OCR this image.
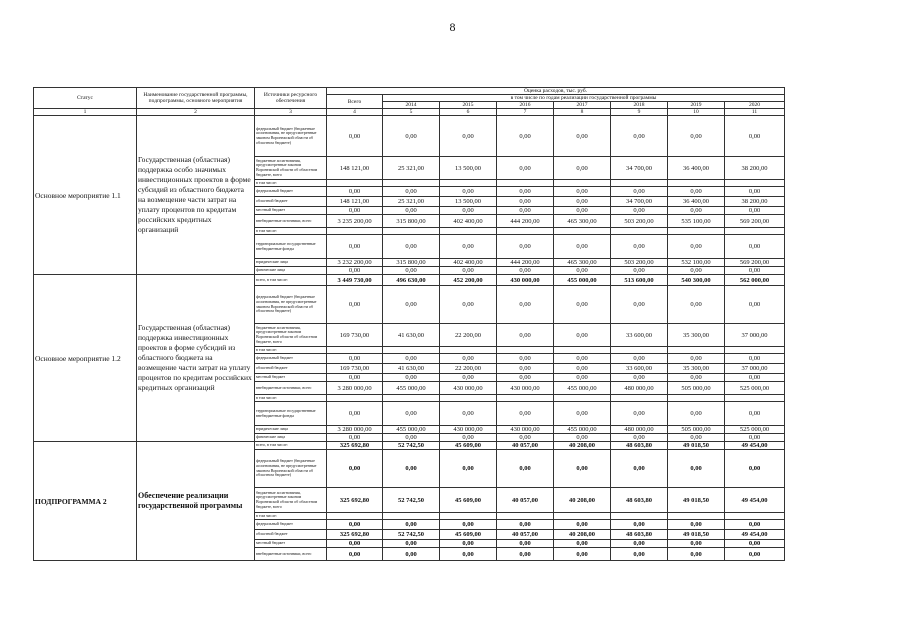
8
Статус	Наименование государственной программы, подпрограммы, основного мероприятия	Источники ресурсного обеспечения	Оценка расходов, тыс. руб.							
			Всего	в том числе по годам реализации государственной программы						
				2014	2015	2016	2017	2018	2019	2020
1	2	3	4	5	6	7	8	9	10	11
Основное мероприятие 1.1	Государственная (областная) поддержка особо значимых инвестиционных проектов в форме субсидий из областного бюджета на возмещение части затрат на уплату процентов по кредитам российских кредитных организаций	федеральный бюджет (бюджетные ассигнования, не предусмотренные законом Воронежской области об областном бюджете)	0,00	0,00	0,00	0,00	0,00	0,00	0,00	0,00
		бюджетные ассигнования, предусмотренные законом Воронежской области об областном бюджете, всего	148 121,00	25 321,00	13 500,00	0,00	0,00	34 700,00	36 400,00	38 200,00
		в том числе:								
		федеральный бюджет	0,00	0,00	0,00	0,00	0,00	0,00	0,00	0,00
		областной бюджет	148 121,00	25 321,00	13 500,00	0,00	0,00	34 700,00	36 400,00	38 200,00
		местный бюджет	0,00	0,00	0,00	0,00	0,00	0,00	0,00	0,00
		внебюджетные источники, всего	3 235 200,00	315 800,00	402 400,00	444 200,00	465 300,00	503 200,00	535 100,00	569 200,00
		в том числе:								
		территориальные государственные внебюджетные фонды	0,00	0,00	0,00	0,00	0,00	0,00	0,00	0,00
		юридические лица	3 232 200,00	315 800,00	402 400,00	444 200,00	465 300,00	503 200,00	532 100,00	569 200,00
		физические лица	0,00	0,00	0,00	0,00	0,00	0,00	0,00	0,00
Основное мероприятие 1.2	Государственная (областная) поддержка инвестиционных проектов в форме субсидий из областного бюджета на возмещение части затрат на уплату процентов по кредитам российских кредитных организаций	всего, в том числе:	3 449 730,00	496 630,00	452 200,00	430 000,00	455 000,00	513 600,00	540 300,00	562 000,00
		федеральный бюджет (бюджетные ассигнования, не предусмотренные законом Воронежской области об областном бюджете)	0,00	0,00	0,00	0,00	0,00	0,00	0,00	0,00
		бюджетные ассигнования, предусмотренные законом Воронежской области об областном бюджете, всего	169 730,00	41 630,00	22 200,00	0,00	0,00	33 600,00	35 300,00	37 000,00
		в том числе:								
		федеральный бюджет	0,00	0,00	0,00	0,00	0,00	0,00	0,00	0,00
		областной бюджет	169 730,00	41 630,00	22 200,00	0,00	0,00	33 600,00	35 300,00	37 000,00
		местный бюджет	0,00	0,00	0,00	0,00	0,00	0,00	0,00	0,00
		внебюджетные источники, всего	3 280 000,00	455 000,00	430 000,00	430 000,00	455 000,00	480 000,00	505 000,00	525 000,00
		в том числе:								
		территориальные государственные внебюджетные фонды	0,00	0,00	0,00	0,00	0,00	0,00	0,00	0,00
		юридические лица	3 280 000,00	455 000,00	430 000,00	430 000,00	455 000,00	480 000,00	505 000,00	525 000,00
		физические лица	0,00	0,00	0,00	0,00	0,00	0,00	0,00	0,00
ПОДПРОГРАММА 2	Обеспечение реализации государственной программы	всего, в том числе:	325 692,80	52 742,50	45 609,00	40 057,00	40 208,00	48 603,80	49 018,50	49 454,00
		федеральный бюджет (бюджетные ассигнования, не предусмотренные законом Воронежской области об областном бюджете)	0,00	0,00	0,00	0,00	0,00	0,00	0,00	0,00
		бюджетные ассигнования, предусмотренные законом Воронежской области об областном бюджете, всего	325 692,80	52 742,50	45 609,00	40 057,00	40 208,00	48 603,80	49 018,50	49 454,00
		в том числе:								
		федеральный бюджет	0,00	0,00	0,00	0,00	0,00	0,00	0,00	0,00
		областной бюджет	325 692,80	52 742,50	45 609,00	40 057,00	40 208,00	48 603,80	49 018,50	49 454,00
		местный бюджет	0,00	0,00	0,00	0,00	0,00	0,00	0,00	0,00
		внебюджетные источники, всего	0,00	0,00	0,00	0,00	0,00	0,00	0,00	0,00
